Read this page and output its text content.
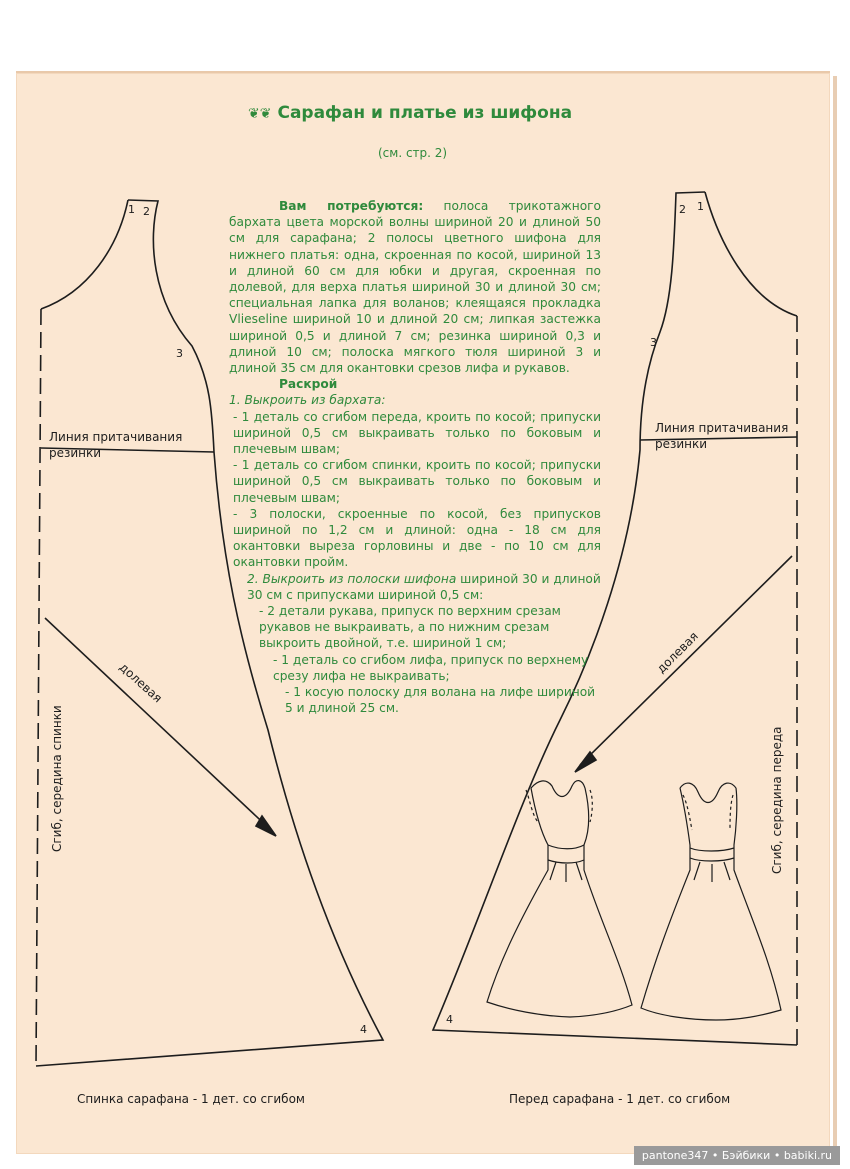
❦❦ Сарафан и платье из шифона
(см. стр. 2)

Вам потребуются: полоса трикотажного бархата цвета морской волны шириной 20 и длиной 50 см для сарафана; 2 полосы цветного шифона для нижнего платья: одна, скроенная по косой, шириной 13 и длиной 60 см для юбки и другая, скроенная по долевой, для верха платья шириной 30 и длиной 30 см; специальная лапка для воланов; клеящаяся прокладка Vlieseline шириной 10 и длиной 20 см; липкая застежка шириной 0,5 и длиной 7 см; резинка шириной 0,3 и длиной 10 см; полоска мягкого тюля шириной 3 и длиной 35 см для окантовки срезов лифа и рукавов.

Раскрой

1. Выкроить из бархата:

- 1 деталь со сгибом переда, кроить по косой; припуски шириной 0,5 см выкраивать только по боковым и плечевым швам;

- 1 деталь со сгибом спинки, кроить по косой; припуски шириной 0,5 см выкраивать только по боковым и плечевым швам;

- 3 полоски, скроенные по косой, без припусков шириной по 1,2 см и длиной: одна - 18 см для окантовки выреза горловины и две - по 10 см для окантовки пройм.

2. Выкроить из полоски шифона шириной 30 и длиной 30 см с припусками шириной 0,5 см:

- 2 детали рукава, припуск по верхним срезам рукавов не выкраивать, а по нижним срезам выкроить двойной, т.е. шириной 1 см;

- 1 деталь со сгибом лифа, припуск по верхнему срезу лифа не выкраивать;

- 1 косую полоску для волана на лифе шириной 5 и длиной 25 см.

1 2
3
4
Линия притачивания
резинки
долевая
Сгиб, середина спинки
2 1
3
4
Линия притачивания
резинки
долевая
Сгиб, середина переда
Спинка сарафана - 1 дет. со сгибом	Перед сарафана - 1 дет. со сгибом
pantone347 • Бэйбики • babiki.ru
